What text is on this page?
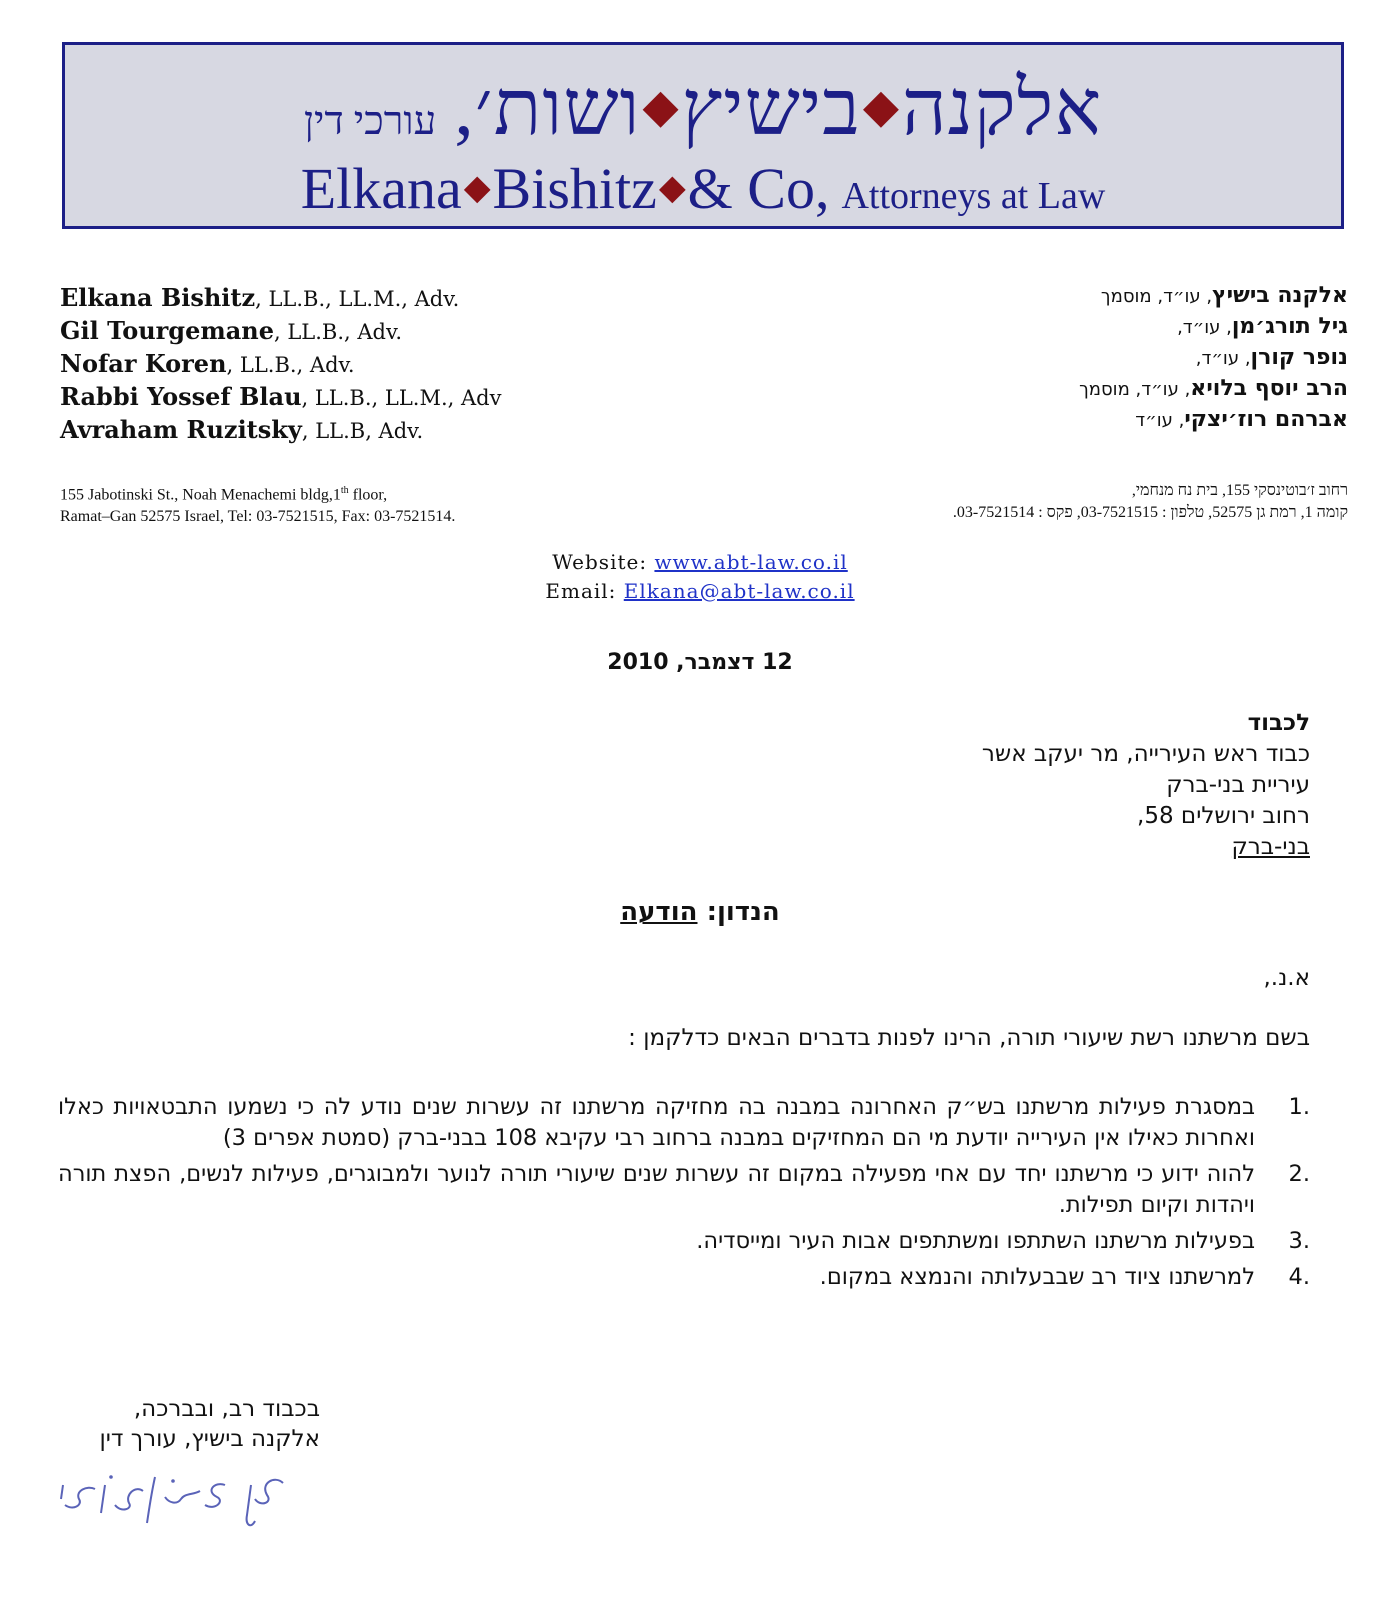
אלקנה◆בישיץ◆ושות׳,עורכי דין
Elkana◆Bishitz◆& Co, Attorneys at Law
Elkana Bishitz, LL.B., LL.M., Adv.
Gil Tourgemane, LL.B., Adv.
Nofar Koren, LL.B., Adv.
Rabbi Yossef Blau, LL.B., LL.M., Adv
Avraham Ruzitsky, LL.B, Adv.
אלקנה בישיץ, עו״ד, מוסמך
גיל תורג׳מן, עו״ד,
נופר קורן, עו״ד,
הרב יוסף בלויא, עו״ד, מוסמך
אברהם רוז׳יצקי, עו״ד
155 Jabotinski St., Noah Menachemi bldg,1th floor,
Ramat–Gan 52575 Israel, Tel: 03-7521515, Fax: 03-7521514.
רחוב ז׳בוטינסקי 155, בית נח מנחמי,
קומה 1, רמת גן 52575, טלפון : 03-7521515, פקס : 03-7521514.
Website: www.abt-law.co.il
Email: Elkana@abt-law.co.il
12 דצמבר, 2010
לכבוד
כבוד ראש העירייה, מר יעקב אשר
עיריית בני-ברק
רחוב ירושלים 58,
בני-ברק
הנדון: הודעה
א.נ.,
בשם מרשתנו רשת שיעורי תורה, הרינו לפנות בדברים הבאים כדלקמן :
.1
במסגרת פעילות מרשתנו בש״ק האחרונה במבנה בה מחזיקה מרשתנו זה עשרות שנים נודע לה כי נשמעו התבטאויות כאלו ואחרות כאילו אין העירייה יודעת מי הם המחזיקים במבנה ברחוב רבי עקיבא 108 בבני-ברק (סמטת אפרים 3)
.2
להוה ידוע כי מרשתנו יחד עם אחי מפעילה במקום זה עשרות שנים שיעורי תורה לנוער ולמבוגרים, פעילות לנשים, הפצת תורה ויהדות וקיום תפילות.
.3
בפעילות מרשתנו השתתפו ומשתתפים אבות העיר ומייסדיה.
.4
למרשתנו ציוד רב שבבעלותה והנמצא במקום.
בכבוד רב, ובברכה,
אלקנה בישיץ, עורך דין
